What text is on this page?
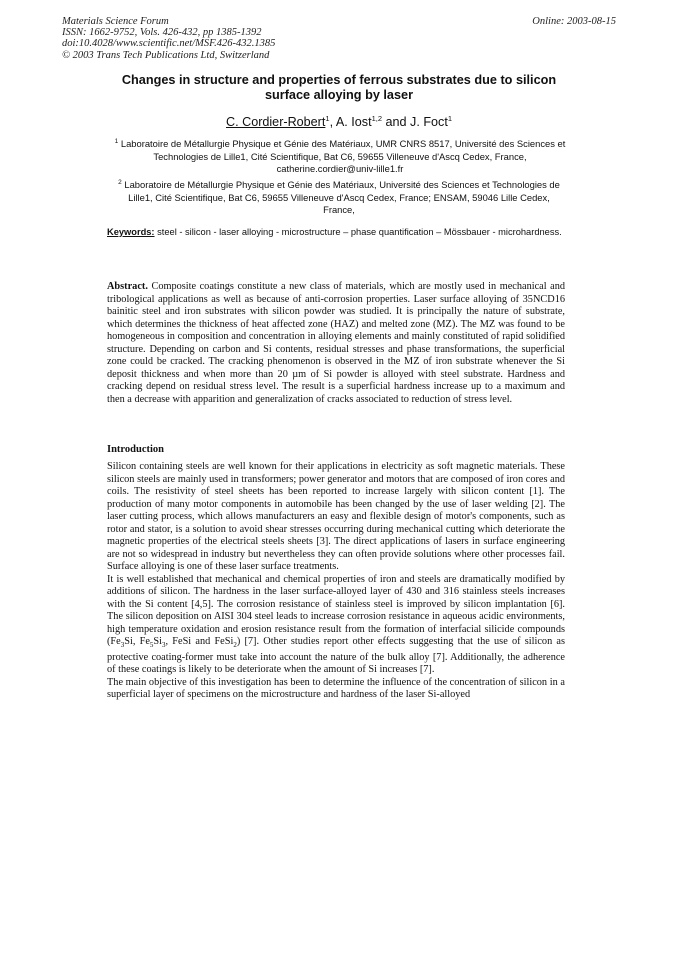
Materials Science Forum
ISSN: 1662-9752, Vols. 426-432, pp 1385-1392
doi:10.4028/www.scientific.net/MSF.426-432.1385
© 2003 Trans Tech Publications Ltd, Switzerland
Online: 2003-08-15
Changes in structure and properties of ferrous substrates due to silicon surface alloying by laser
C. Cordier-Robert$^1$, A. Iost$^{1,2}$ and J. Foct$^1$
$^1$ Laboratoire de Métallurgie Physique et Génie des Matériaux, UMR CNRS 8517, Université des Sciences et Technologies de Lille1, Cité Scientifique, Bat C6, 59655 Villeneuve d'Ascq Cedex, France, catherine.cordier@univ-lille1.fr
$^2$ Laboratoire de Métallurgie Physique et Génie des Matériaux, Université des Sciences et Technologies de Lille1, Cité Scientifique, Bat C6, 59655 Villeneuve d'Ascq Cedex, France; ENSAM, 59046 Lille Cedex, France,
Keywords: steel - silicon - laser alloying - microstructure – phase quantification – Mössbauer - microhardness.
Abstract. Composite coatings constitute a new class of materials, which are mostly used in mechanical and tribological applications as well as because of anti-corrosion properties. Laser surface alloying of 35NCD16 bainitic steel and iron substrates with silicon powder was studied. It is principally the nature of substrate, which determines the thickness of heat affected zone (HAZ) and melted zone (MZ). The MZ was found to be homogeneous in composition and concentration in alloying elements and mainly constituted of rapid solidified structure. Depending on carbon and Si contents, residual stresses and phase transformations, the superficial zone could be cracked. The cracking phenomenon is observed in the MZ of iron substrate whenever the Si deposit thickness and when more than 20 µm of Si powder is alloyed with steel substrate. Hardness and cracking depend on residual stress level. The result is a superficial hardness increase up to a maximum and then a decrease with apparition and generalization of cracks associated to reduction of stress level.
Introduction

Silicon containing steels are well known for their applications in electricity as soft magnetic materials. These silicon steels are mainly used in transformers; power generator and motors that are composed of iron cores and coils. The resistivity of steel sheets has been reported to increase largely with silicon content [1]. The production of many motor components in automobile has been changed by the use of laser welding [2]. The laser cutting process, which allows manufacturers an easy and flexible design of motor's components, such as rotor and stator, is a solution to avoid shear stresses occurring during mechanical cutting which deteriorate the magnetic properties of the electrical steels sheets [3]. The direct applications of lasers in surface engineering are not so widespread in industry but nevertheless they can often provide solutions where other processes fail. Surface alloying is one of these laser surface treatments.

It is well established that mechanical and chemical properties of iron and steels are dramatically modified by additions of silicon. The hardness in the laser surface-alloyed layer of 430 and 316 stainless steels increases with the Si content [4,5]. The corrosion resistance of stainless steel is improved by silicon implantation [6]. The silicon deposition on AISI 304 steel leads to increase corrosion resistance in aqueous acidic environments, high temperature oxidation and erosion resistance result from the formation of interfacial silicide compounds ($Fe_3Si$, $Fe_5Si_3$, FeSi and FeSi$_2$) [7]. Other studies report other effects suggesting that the use of silicon as protective coating-former must take into account the nature of the bulk alloy [7]. Additionally, the adherence of these coatings is likely to be deteriorate when the amount of Si increases [7].

The main objective of this investigation has been to determine the influence of the concentration of silicon in a superficial layer of specimens on the microstructure and hardness of the laser Si-alloyed
